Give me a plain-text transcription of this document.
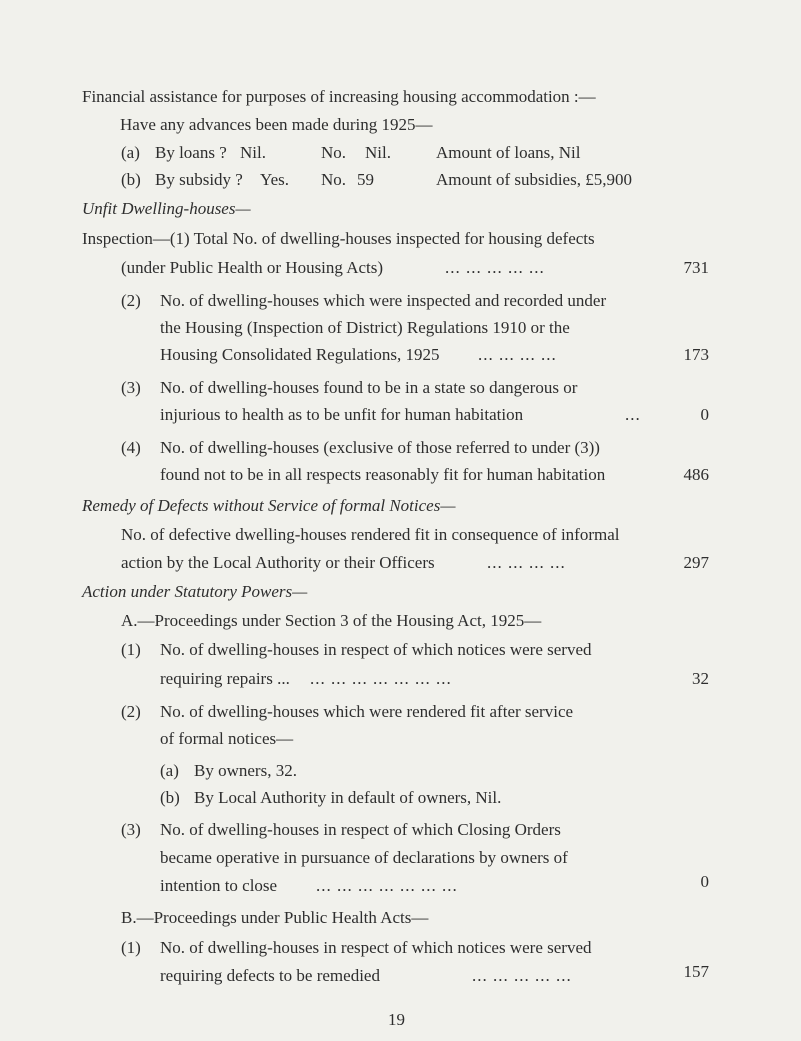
Financial assistance for purposes of increasing housing accommodation :—
Have any advances been made during 1925—
(a) By loans ? Nil.	No. Nil.	Amount of loans, Nil
(b) By subsidy ? Yes. No. 59	Amount of subsidies, £5,900
Unfit Dwelling-houses—
Inspection—(1) Total No. of dwelling-houses inspected for housing defects
(under Public Health or Housing Acts)	... ... ... ... ...	731
(2) No. of dwelling-houses which were inspected and recorded under
the Housing (Inspection of District) Regulations 1910 or the
Housing Consolidated Regulations, 1925 ... ... ... ...	173
(3) No. of dwelling-houses found to be in a state so dangerous or
injurious to health as to be unfit for human habitation	...	0
(4) No. of dwelling-houses (exclusive of those referred to under (3))
found not to be in all respects reasonably fit for human habitation	486
Remedy of Defects without Service of formal Notices—
No. of defective dwelling-houses rendered fit in consequence of informal
action by the Local Authority or their Officers	... ... ... ...	297
Action under Statutory Powers—
A.—Proceedings under Section 3 of the Housing Act, 1925—
(1) No. of dwelling-houses in respect of which notices were served
requiring repairs ... ... ... ... ... ... ... ...	32
(2) No. of dwelling-houses which were rendered fit after service
of formal notices—
(a) By owners, 32.
(b) By Local Authority in default of owners, Nil.
(3) No. of dwelling-houses in respect of which Closing Orders
became operative in pursuance of declarations by owners of
intention to close ... ... ... ... ... ... ...	0
B.—Proceedings under Public Health Acts—
(1) No. of dwelling-houses in respect of which notices were served
requiring defects to be remedied	... ... ... ... ...	157
19
